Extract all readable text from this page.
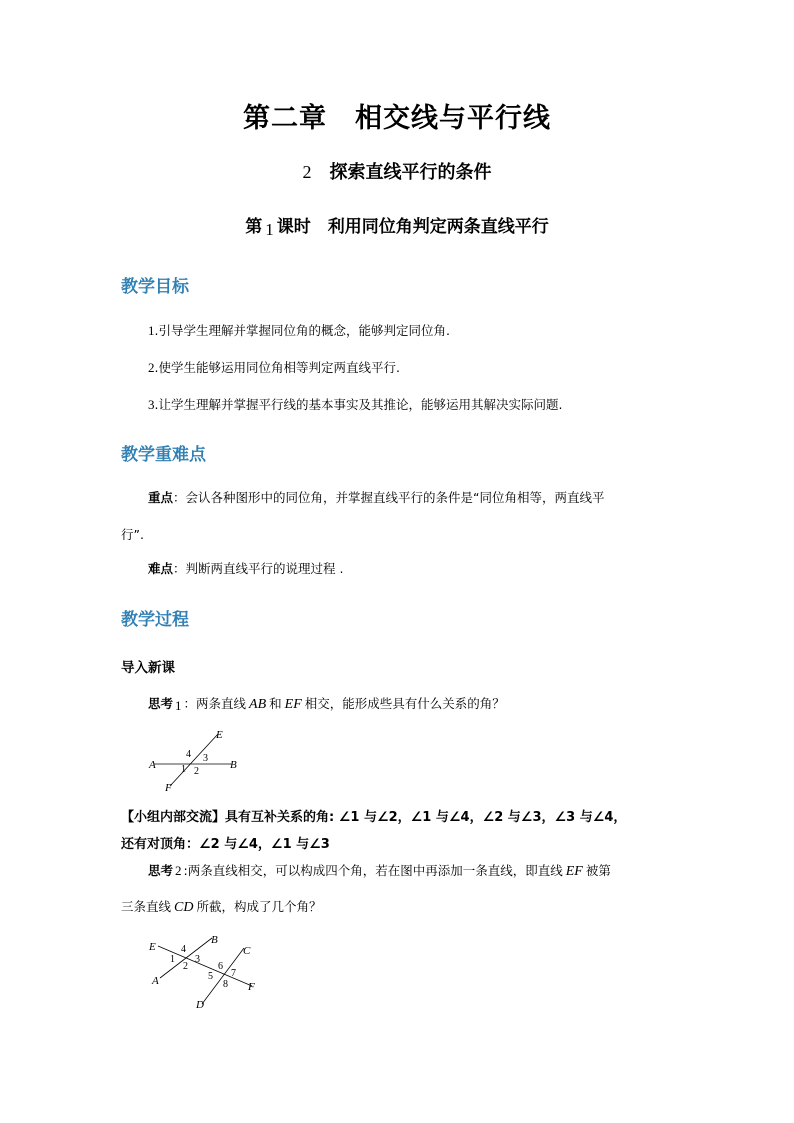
第二章　相交线与平行线
2 探索直线平行的条件
第 1 课时　利用同位角判定两条直线平行
教学目标
1.引导学生理解并掌握同位角的概念，能够判定同位角.
2.使学生能够运用同位角相等判定两直线平行.
3.让学生理解并掌握平行线的基本事实及其推论，能够运用其解决实际问题.
教学重难点
重点：会认各种图形中的同位角，并掌握直线平行的条件是“同位角相等，两直线平
行”.
难点：判断两直线平行的说理过程 .
教学过程
导入新课
思考 1 ：两条直线 AB 和 EF 相交，能形成些具有什么关系的角？
A	B
E
F
4 3
1 2
【小组内部交流】具有互补关系的角: ∠1 与∠2，∠1 与∠4，∠2 与∠3，∠3 与∠4，
还有对顶角：∠2 与∠4，∠1 与∠3
思考 2 :两条直线相交，可以构成四个角，若在图中再添加一条直线，即直线 EF 被第
三条直线 CD 所截，构成了几个角？
E
A
B
C
D
F
4
1 3
2	6
5 7
8
